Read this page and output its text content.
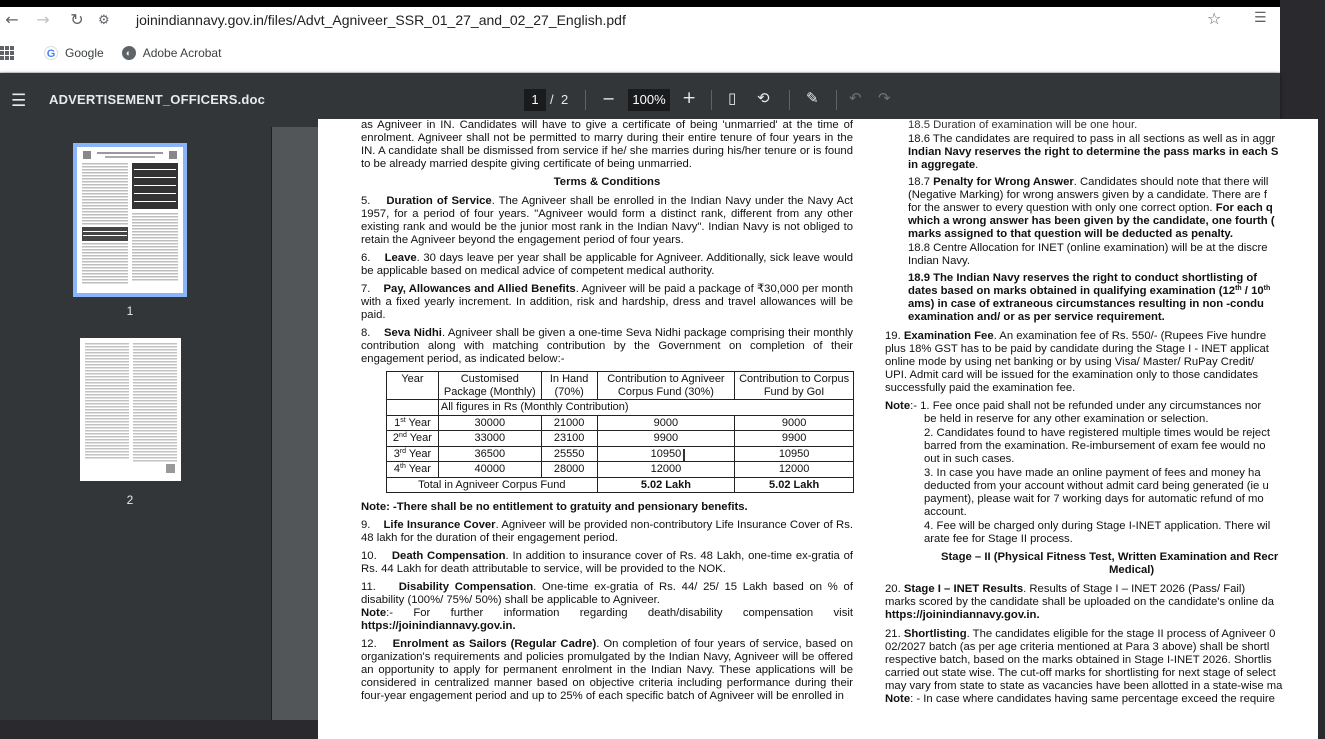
← → ↻ ⚙	joinindiannavy.gov.in/files/Advt_Agniveer_SSR_01_27_and_02_27_English.pdf	☆ ☰
G Google	◐ Adobe Acrobat
☰ ADVERTISEMENT_OFFICERS.doc	1 / 2 −	100% + ▯ ⟲ ✎ ↶ ↷
1
2
as Agniveer in IN. Candidates will have to give a certificate of being 'unmarried' at the time of enrolment. Agniveer shall not be permitted to marry during their entire tenure of four years in the IN. A candidate shall be dismissed from service if he/ she marries during his/her tenure or is found to be already married despite giving certificate of being unmarried.
Terms & Conditions
5. Duration of Service. The Agniveer shall be enrolled in the Indian Navy under the Navy Act 1957, for a period of four years. "Agniveer would form a distinct rank, different from any other existing rank and would be the junior most rank in the Indian Navy". Indian Navy is not obliged to retain the Agniveer beyond the engagement period of four years.
6. Leave. 30 days leave per year shall be applicable for Agniveer. Additionally, sick leave would be applicable based on medical advice of competent medical authority.
7. Pay, Allowances and Allied Benefits. Agniveer will be paid a package of ₹30,000 per month with a fixed yearly increment. In addition, risk and hardship, dress and travel allowances will be paid.
8. Seva Nidhi. Agniveer shall be given a one-time Seva Nidhi package comprising their monthly contribution along with matching contribution by the Government on completion of their engagement period, as indicated below:-
Year	Customised Package (Monthly)	In Hand (70%)	Contribution to Agniveer Corpus Fund (30%)	Contribution to Corpus Fund by GoI
	All figures in Rs (Monthly Contribution)			
1st Year	30000	21000	9000	9000
2nd Year	33000	23100	9900	9900
3rd Year	36500	25550	10950	10950
4th Year	40000	28000	12000	12000
Total in Agniveer Corpus Fund			5.02 Lakh	5.02 Lakh
Note: -There shall be no entitlement to gratuity and pensionary benefits.
9. Life Insurance Cover. Agniveer will be provided non-contributory Life Insurance Cover of Rs. 48 lakh for the duration of their engagement period.
10. Death Compensation. In addition to insurance cover of Rs. 48 Lakh, one-time ex-gratia of Rs. 44 Lakh for death attributable to service, will be provided to the NOK.
11. Disability Compensation. One-time ex-gratia of Rs. 44/ 25/ 15 Lakh based on % of disability (100%/ 75%/ 50%) shall be applicable to Agniveer.
Note:- For further information regarding death/disability compensation visit https://joinindiannavy.gov.in.
12. Enrolment as Sailors (Regular Cadre). On completion of four years of service, based on organization's requirements and policies promulgated by the Indian Navy, Agniveer will be offered an opportunity to apply for permanent enrolment in the Indian Navy. These applications will be considered in centralized manner based on objective criteria including performance during their four-year engagement period and up to 25% of each specific batch of Agniveer will be enrolled in
18.5 Duration of examination will be one hour.
18.6 The candidates are required to pass in all sections as well as in aggr
Indian Navy reserves the right to determine the pass marks in each S
in aggregate.
18.7 Penalty for Wrong Answer. Candidates should note that there will
(Negative Marking) for wrong answers given by a candidate. There are f
for the answer to every question with only one correct option. For each q
which a wrong answer has been given by the candidate, one fourth (
marks assigned to that question will be deducted as penalty.
18.8 Centre Allocation for INET (online examination) will be at the discre
Indian Navy.
18.9 The Indian Navy reserves the right to conduct shortlisting of
dates based on marks obtained in qualifying examination (12th / 10th
ams) in case of extraneous circumstances resulting in non -condu
examination and/ or as per service requirement.
19. Examination Fee. An examination fee of Rs. 550/- (Rupees Five hundre
plus 18% GST has to be paid by candidate during the Stage I - INET applicat
online mode by using net banking or by using Visa/ Master/ RuPay Credit/
UPI. Admit card will be issued for the examination only to those candidates
successfully paid the examination fee.
Note:- 1. Fee once paid shall not be refunded under any circumstances nor
be held in reserve for any other examination or selection.
2. Candidates found to have registered multiple times would be reject
barred from the examination. Re-imbursement of exam fee would no
out in such cases.
3. In case you have made an online payment of fees and money ha
deducted from your account without admit card being generated (ie u
payment), please wait for 7 working days for automatic refund of mo
account.
4. Fee will be charged only during Stage I-INET application. There wil
arate fee for Stage II process.
Stage – II (Physical Fitness Test, Written Examination and Recr
Medical)
20. Stage I – INET Results. Results of Stage I – INET 2026 (Pass/ Fail)
marks scored by the candidate shall be uploaded on the candidate's online da
https://joinindiannavy.gov.in.
21. Shortlisting. The candidates eligible for the stage II process of Agniveer 0
02/2027 batch (as per age criteria mentioned at Para 3 above) shall be shortl
respective batch, based on the marks obtained in Stage I-INET 2026. Shortlis
carried out state wise. The cut-off marks for shortlisting for next stage of select
may vary from state to state as vacancies have been allotted in a state-wise ma
Note: - In case where candidates having same percentage exceed the require
